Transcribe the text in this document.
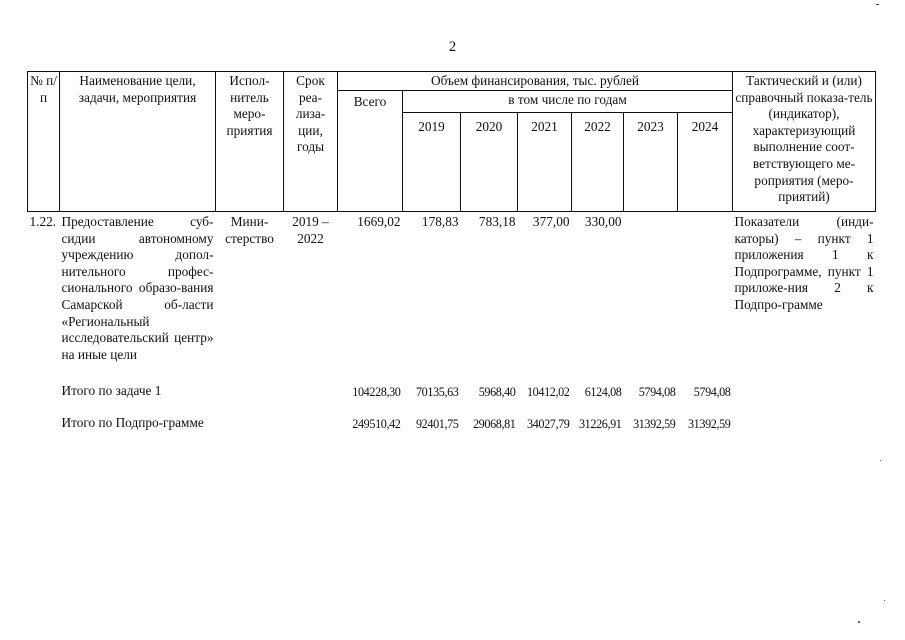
2
№ п/п	Наименование цели, задачи, мероприятия	Испол-нитель меро-приятия	Срок реа-лиза-ции, годы	Объем финансирования, тыс. рублей							Тактический и (или) справочный показа-тель (индикатор), характеризующий выполнение соот-ветствующего ме-роприятия (меро-приятий)
				Всего	в том числе по годам						
					2019	2020	2021	2022	2023	2024	
1.22.	Предоставление суб-сидии автономному учреждению допол-нительного профес-сионального образо-вания Самарской об-ласти «Региональный исследовательский центр» на иные цели	Мини-стерство	2019 – 2022	1669,02	178,83	783,18	377,00	330,00			Показатели (инди-каторы) – пункт 1 приложения 1 к Подпрограмме, пункт 1 приложе-ния 2 к Подпро-грамме
	Итого по задаче 1			104228,30	70135,63	5968,40	10412,02	6124,08	5794,08	5794,08	
	Итого по Подпро-грамме			249510,42	92401,75	29068,81	34027,79	31226,91	31392,59	31392,59	
